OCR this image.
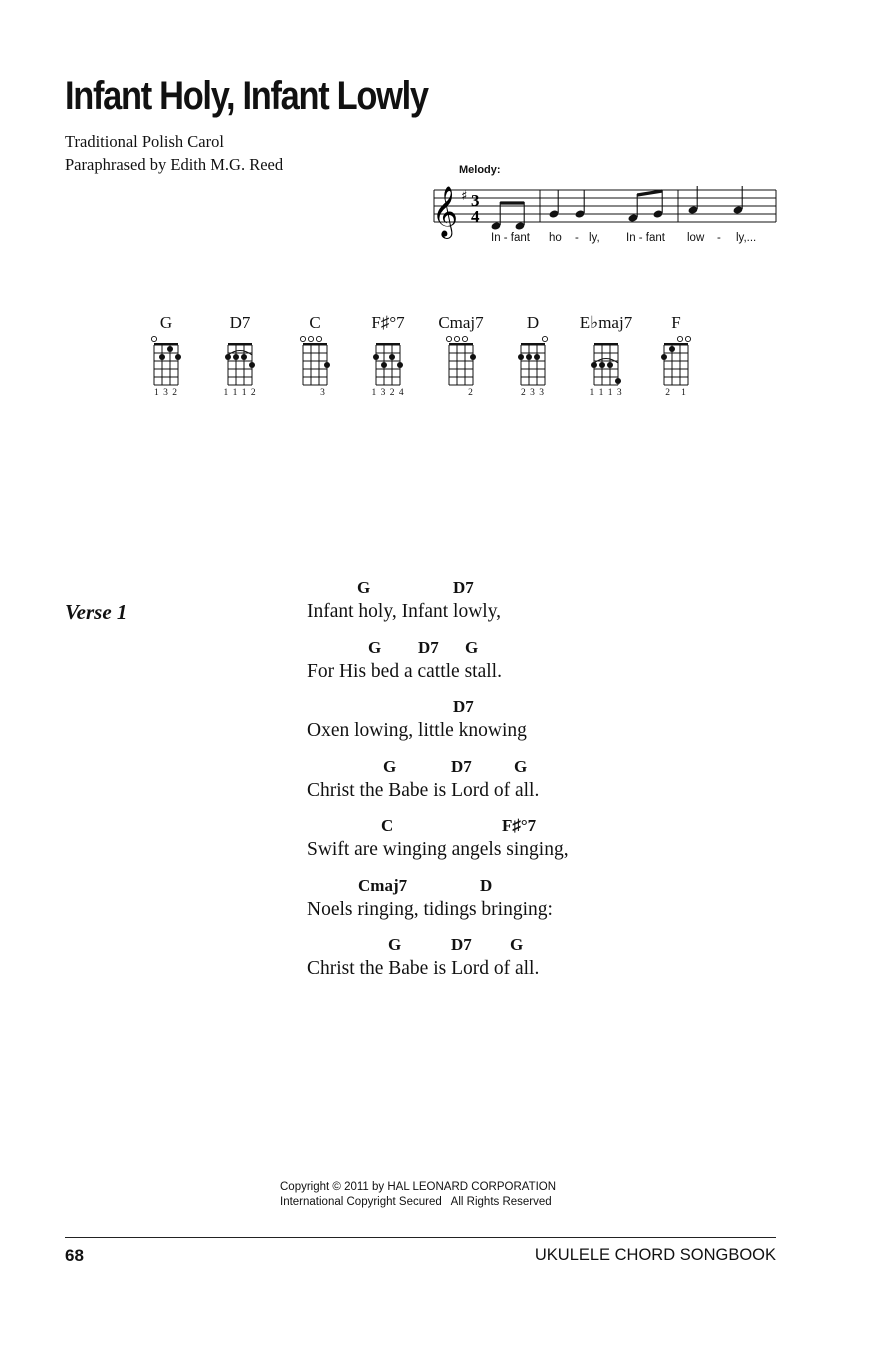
Infant Holy, Infant Lowly
Traditional Polish Carol
Paraphrased by Edith M.G. Reed	Melody:
𝄞 ♯ 3
4
In - fant ho - ly, In - fant low - ly,...
G
1 3 2
D7
1 1 1 2
C
3
F♯°7
1 3 2 4
Cmaj7
2
D
2 3 3
E♭maj7
1 1 1 3
F
2   1
Verse 1
G	D7
Infant holy, Infant lowly,
G D7 G
For His bed a cattle stall.
D7
Oxen lowing, little knowing
G	D7 G
Christ the Babe is Lord of all.
C	F♯°7
Swift are winging angels singing,
Cmaj7	D
Noels ringing, tidings bringing:
G	D7 G
Christ the Babe is Lord of all.
Copyright © 2011 by HAL LEONARD CORPORATION
International Copyright Secured   All Rights Reserved
68	UKULELE CHORD SONGBOOK
